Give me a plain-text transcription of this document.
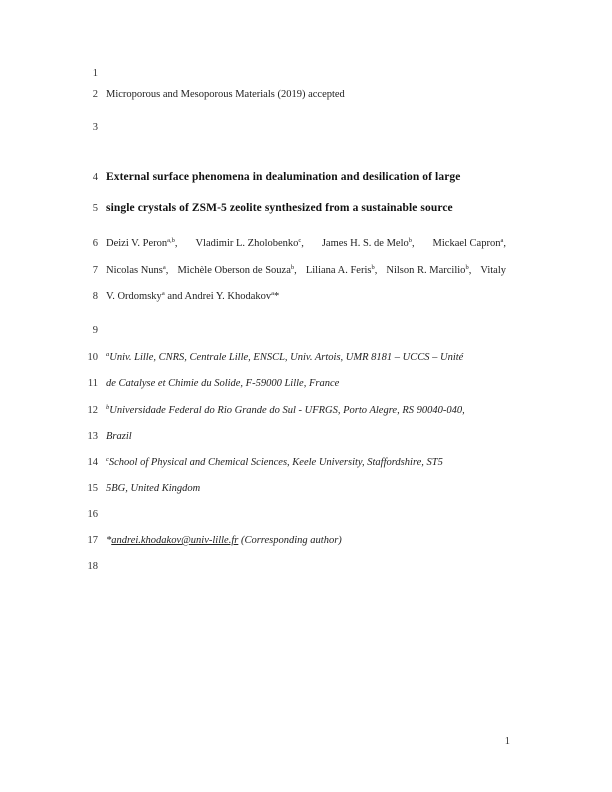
1
2
3
4
5
6
7
8
9
10
11
12
13
14
15
16
17
18
Microporous and Mesoporous Materials (2019) accepted
External surface phenomena in dealumination and desilication of large
single crystals of ZSM-5 zeolite synthesized from a sustainable source
Deizi V. Peron$^{a,b}$, Vladimir L. Zholobenko$^c$, James H. S. de Melo$^b$, Mickael Capron$^a$,
Nicolas Nuns$^a$, Michèle Oberson de Souza$^b$, Liliana A. Feris$^b$, Nilson R. Marcilio$^b$, Vitaly
V. Ordomsky$^a$ and Andrei Y. Khodakov$^a$*
$^a$Univ. Lille, CNRS, Centrale Lille, ENSCL, Univ. Artois, UMR 8181 – UCCS – Unité
de Catalyse et Chimie du Solide, F-59000 Lille, France
$^b$Universidade Federal do Rio Grande do Sul - UFRGS, Porto Alegre, RS 90040-040,
Brazil
$^c$School of Physical and Chemical Sciences, Keele University, Staffordshire, ST5
5BG, United Kingdom
*andrei.khodakov@univ-lille.fr (Corresponding author)
1
